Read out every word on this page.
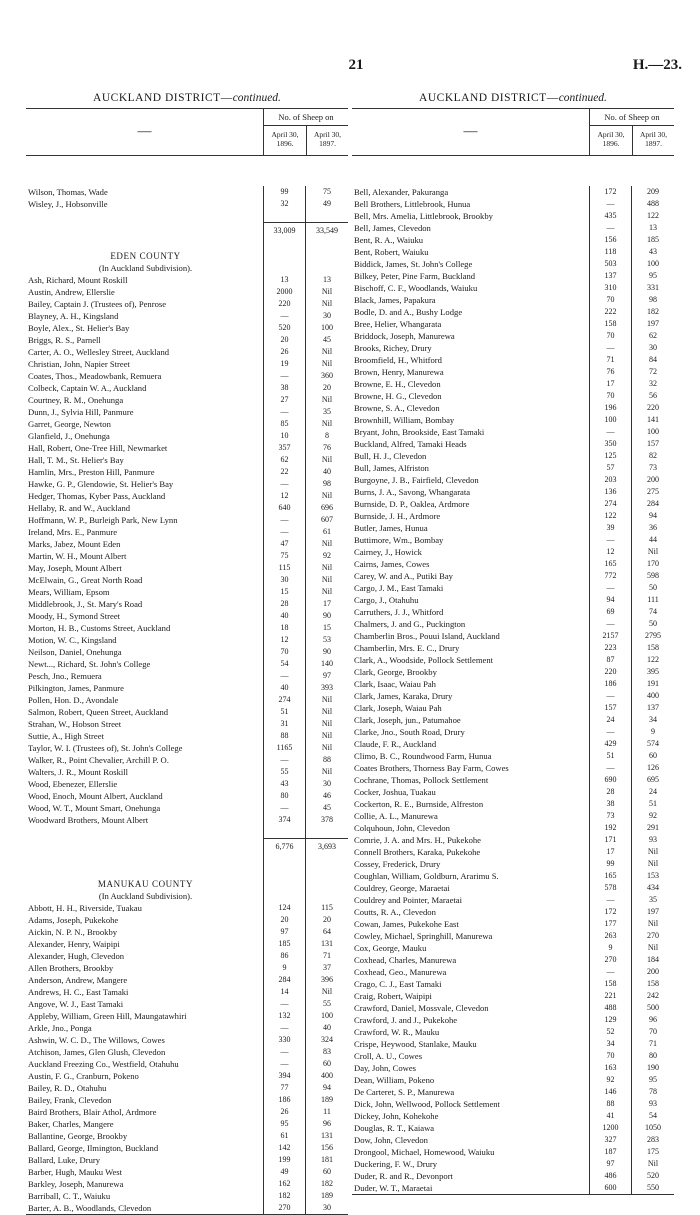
21	H.—23.
AUCKLAND DISTRICT—continued.
—
No. of Sheep on
April 30, 1896.
April 30, 1897.
Wilson, Thomas, Wade	99	75
Wisley, J., Hobsonville	32	49
33,009	33,549
EDEN COUNTY
(In Auckland Subdivision).
Ash, Richard, Mount Roskill	13	13
Austin, Andrew, Ellerslie	2000	Nil
Bailey, Captain J. (Trustees of), Penrose	220	Nil
Blayney, A. H., Kingsland	—	30
Boyle, Alex., St. Helier's Bay	520	100
Briggs, R. S., Parnell	20	45
Carter, A. O., Wellesley Street, Auckland	26	Nil
Christian, John, Napier Street	19	Nil
Coates, Thos., Meadowbank, Remuera	—	360
Colbeck, Captain W. A., Auckland	38	20
Courtney, R. M., Onehunga	27	Nil
Dunn, J., Sylvia Hill, Panmure	—	35
Garret, George, Newton	85	Nil
Glanfield, J., Onehunga	10	8
Hall, Robert, One-Tree Hill, Newmarket	357	76
Hall, T. M., St. Helier's Bay	62	Nil
Hamlin, Mrs., Preston Hill, Panmure	22	40
Hawke, G. P., Glendowie, St. Helier's Bay	—	98
Hedger, Thomas, Kyber Pass, Auckland	12	Nil
Hellaby, R. and W., Auckland	640	696
Hoffmann, W. P., Burleigh Park, New Lynn	—	607
Ireland, Mrs. E., Panmure	—	61
Marks, Jabez, Mount Eden	47	Nil
Martin, W. H., Mount Albert	75	92
May, Joseph, Mount Albert	115	Nil
McElwain, G., Great North Road	30	Nil
Mears, William, Epsom	15	Nil
Middlebrook, J., St. Mary's Road	28	17
Moody, H., Symond Street	40	90
Morton, H. B., Customs Street, Auckland	18	15
Motion, W. C., Kingsland	12	53
Neilson, Daniel, Onehunga	70	90
Newt..., Richard, St. John's College	54	140
Pesch, Jno., Remuera	—	97
Pilkington, James, Panmure	40	393
Pollen, Hon. D., Avondale	274	Nil
Salmon, Robert, Queen Street, Auckland	51	Nil
Strahan, W., Hobson Street	31	Nil
Suttie, A., High Street	88	Nil
Taylor, W. I. (Trustees of), St. John's College	1165	Nil
Walker, R., Point Chevalier, Archill P. O.	—	88
Walters, J. R., Mount Roskill	55	Nil
Wood, Ebenezer, Ellerslie	43	30
Wood, Enoch, Mount Albert, Auckland	80	46
Wood, W. T., Mount Smart, Onehunga	—	45
Woodward Brothers, Mount Albert	374	378
6,776	3,693
MANUKAU COUNTY
(In Auckland Subdivision).
Abbott, H. H., Riverside, Tuakau	124	115
Adams, Joseph, Pukekohe	20	20
Aickin, N. P. N., Brookby	97	64
Alexander, Henry, Waipipi	185	131
Alexander, Hugh, Clevedon	86	71
Allen Brothers, Brookby	9	37
Anderson, Andrew, Mangere	284	396
Andrews, H. C., East Tamaki	14	Nil
Angove, W. J., East Tamaki	—	55
Appleby, William, Green Hill, Maungatawhiri	132	100
Arkle, Jno., Ponga	—	40
Ashwin, W. C. D., The Willows, Cowes	330	324
Atchison, James, Glen Glush, Clevedon	—	83
Auckland Freezing Co., Westfield, Otahuhu	—	60
Austin, F. G., Cranburn, Pokeno	394	400
Bailey, R. D., Otahuhu	77	94
Bailey, Frank, Clevedon	186	189
Baird Brothers, Blair Athol, Ardmore	26	11
Baker, Charles, Mangere	95	96
Ballantine, George, Brookby	61	131
Ballard, George, Ilmington, Buckland	142	156
Ballard, Luke, Drury	199	181
Barber, Hugh, Mauku West	49	60
Barkley, Joseph, Manurewa	162	182
Barriball, C. T., Waiuku	182	189
Barter, A. B., Woodlands, Clevedon	270	30
AUCKLAND DISTRICT—continued.
—
No. of Sheep on
April 30, 1896.
April 30, 1897.
Bell, Alexander, Pakuranga	172	209
Bell Brothers, Littlebrook, Hunua	—	488
Bell, Mrs. Amelia, Littlebrook, Brookby	435	122
Bell, James, Clevedon	—	13
Bent, R. A., Waiuku	156	185
Bent, Robert, Waiuku	118	43
Biddick, James, St. John's College	503	100
Bilkey, Peter, Pine Farm, Buckland	137	95
Bischoff, C. F., Woodlands, Waiuku	310	331
Black, James, Papakura	70	98
Bodle, D. and A., Bushy Lodge	222	182
Bree, Helier, Whangarata	158	197
Briddock, Joseph, Manurewa	70	62
Brooks, Richey, Drury	—	30
Broomfield, H., Whitford	71	84
Brown, Henry, Manurewa	76	72
Browne, E. H., Clevedon	17	32
Browne, H. G., Clevedon	70	56
Browne, S. A., Clevedon	196	220
Brownhill, William, Bombay	100	141
Bryant, John, Brookside, East Tamaki	—	100
Buckland, Alfred, Tamaki Heads	350	157
Bull, H. J., Clevedon	125	82
Bull, James, Alfriston	57	73
Burgoyne, J. B., Fairfield, Clevedon	203	200
Burns, J. A., Savong, Whangarata	136	275
Burnside, D. P., Oaklea, Ardmore	274	284
Burnside, J. H., Ardmore	122	94
Butler, James, Hunua	39	36
Buttimore, Wm., Bombay	—	44
Cairney, J., Howick	12	Nil
Cairns, James, Cowes	165	170
Carey, W. and A., Putiki Bay	772	598
Cargo, J. M., East Tamaki	—	50
Cargo, J., Otahuhu	94	111
Carruthers, J. J., Whitford	69	74
Chalmers, J. and G., Puckington	—	50
Chamberlin Bros., Pouui Island, Auckland	2157	2795
Chamberlin, Mrs. E. C., Drury	223	158
Clark, A., Woodside, Pollock Settlement	87	122
Clark, George, Brookby	220	395
Clark, Isaac, Waiau Pah	186	191
Clark, James, Karaka, Drury	—	400
Clark, Joseph, Waiau Pah	157	137
Clark, Joseph, jun., Patumahoe	24	34
Clarke, Jno., South Road, Drury	—	9
Claude, F. R., Auckland	429	574
Climo, B. C., Roundwood Farm, Hunua	51	60
Coates Brothers, Thorness Bay Farm, Cowes	—	126
Cochrane, Thomas, Pollock Settlement	690	695
Cocker, Joshua, Tuakau	28	24
Cockerton, R. E., Burnside, Alfreston	38	51
Collie, A. L., Manurewa	73	92
Colquhoun, John, Clevedon	192	291
Comrie, J. A. and Mrs. H., Pukekohe	171	93
Connell Brothers, Karaka, Pukekohe	17	Nil
Cossey, Frederick, Drury	99	Nil
Coughlan, William, Goldburn, Ararimu S.	165	153
Couldrey, George, Maraetai	578	434
Couldrey and Pointer, Maraetai	—	35
Coutts, R. A., Clevedon	172	197
Cowan, James, Pukekohe East	177	Nil
Cowley, Michael, Springhill, Manurewa	263	270
Cox, George, Mauku	9	Nil
Coxhead, Charles, Manurewa	270	184
Coxhead, Geo., Manurewa	—	200
Crago, C. J., East Tamaki	158	158
Craig, Robert, Waipipi	221	242
Crawford, Daniel, Mossvale, Clevedon	488	500
Crawford, J. and J., Pukekohe	129	96
Crawford, W. R., Mauku	52	70
Crispe, Heywood, Stanlake, Mauku	34	71
Croll, A. U., Cowes	70	80
Day, John, Cowes	163	190
Dean, William, Pokeno	92	95
De Carteret, S. P., Manurewa	146	78
Dick, John, Wellwood, Pollock Settlement	88	93
Dickey, John, Kohekohe	41	54
Douglas, R. T., Kaiawa	1200	1050
Dow, John, Clevedon	327	283
Drongool, Michael, Homewood, Waiuku	187	175
Duckering, F. W., Drury	97	Nil
Duder, R. and R., Devonport	486	520
Duder, W. T., Maraetai	600	550
